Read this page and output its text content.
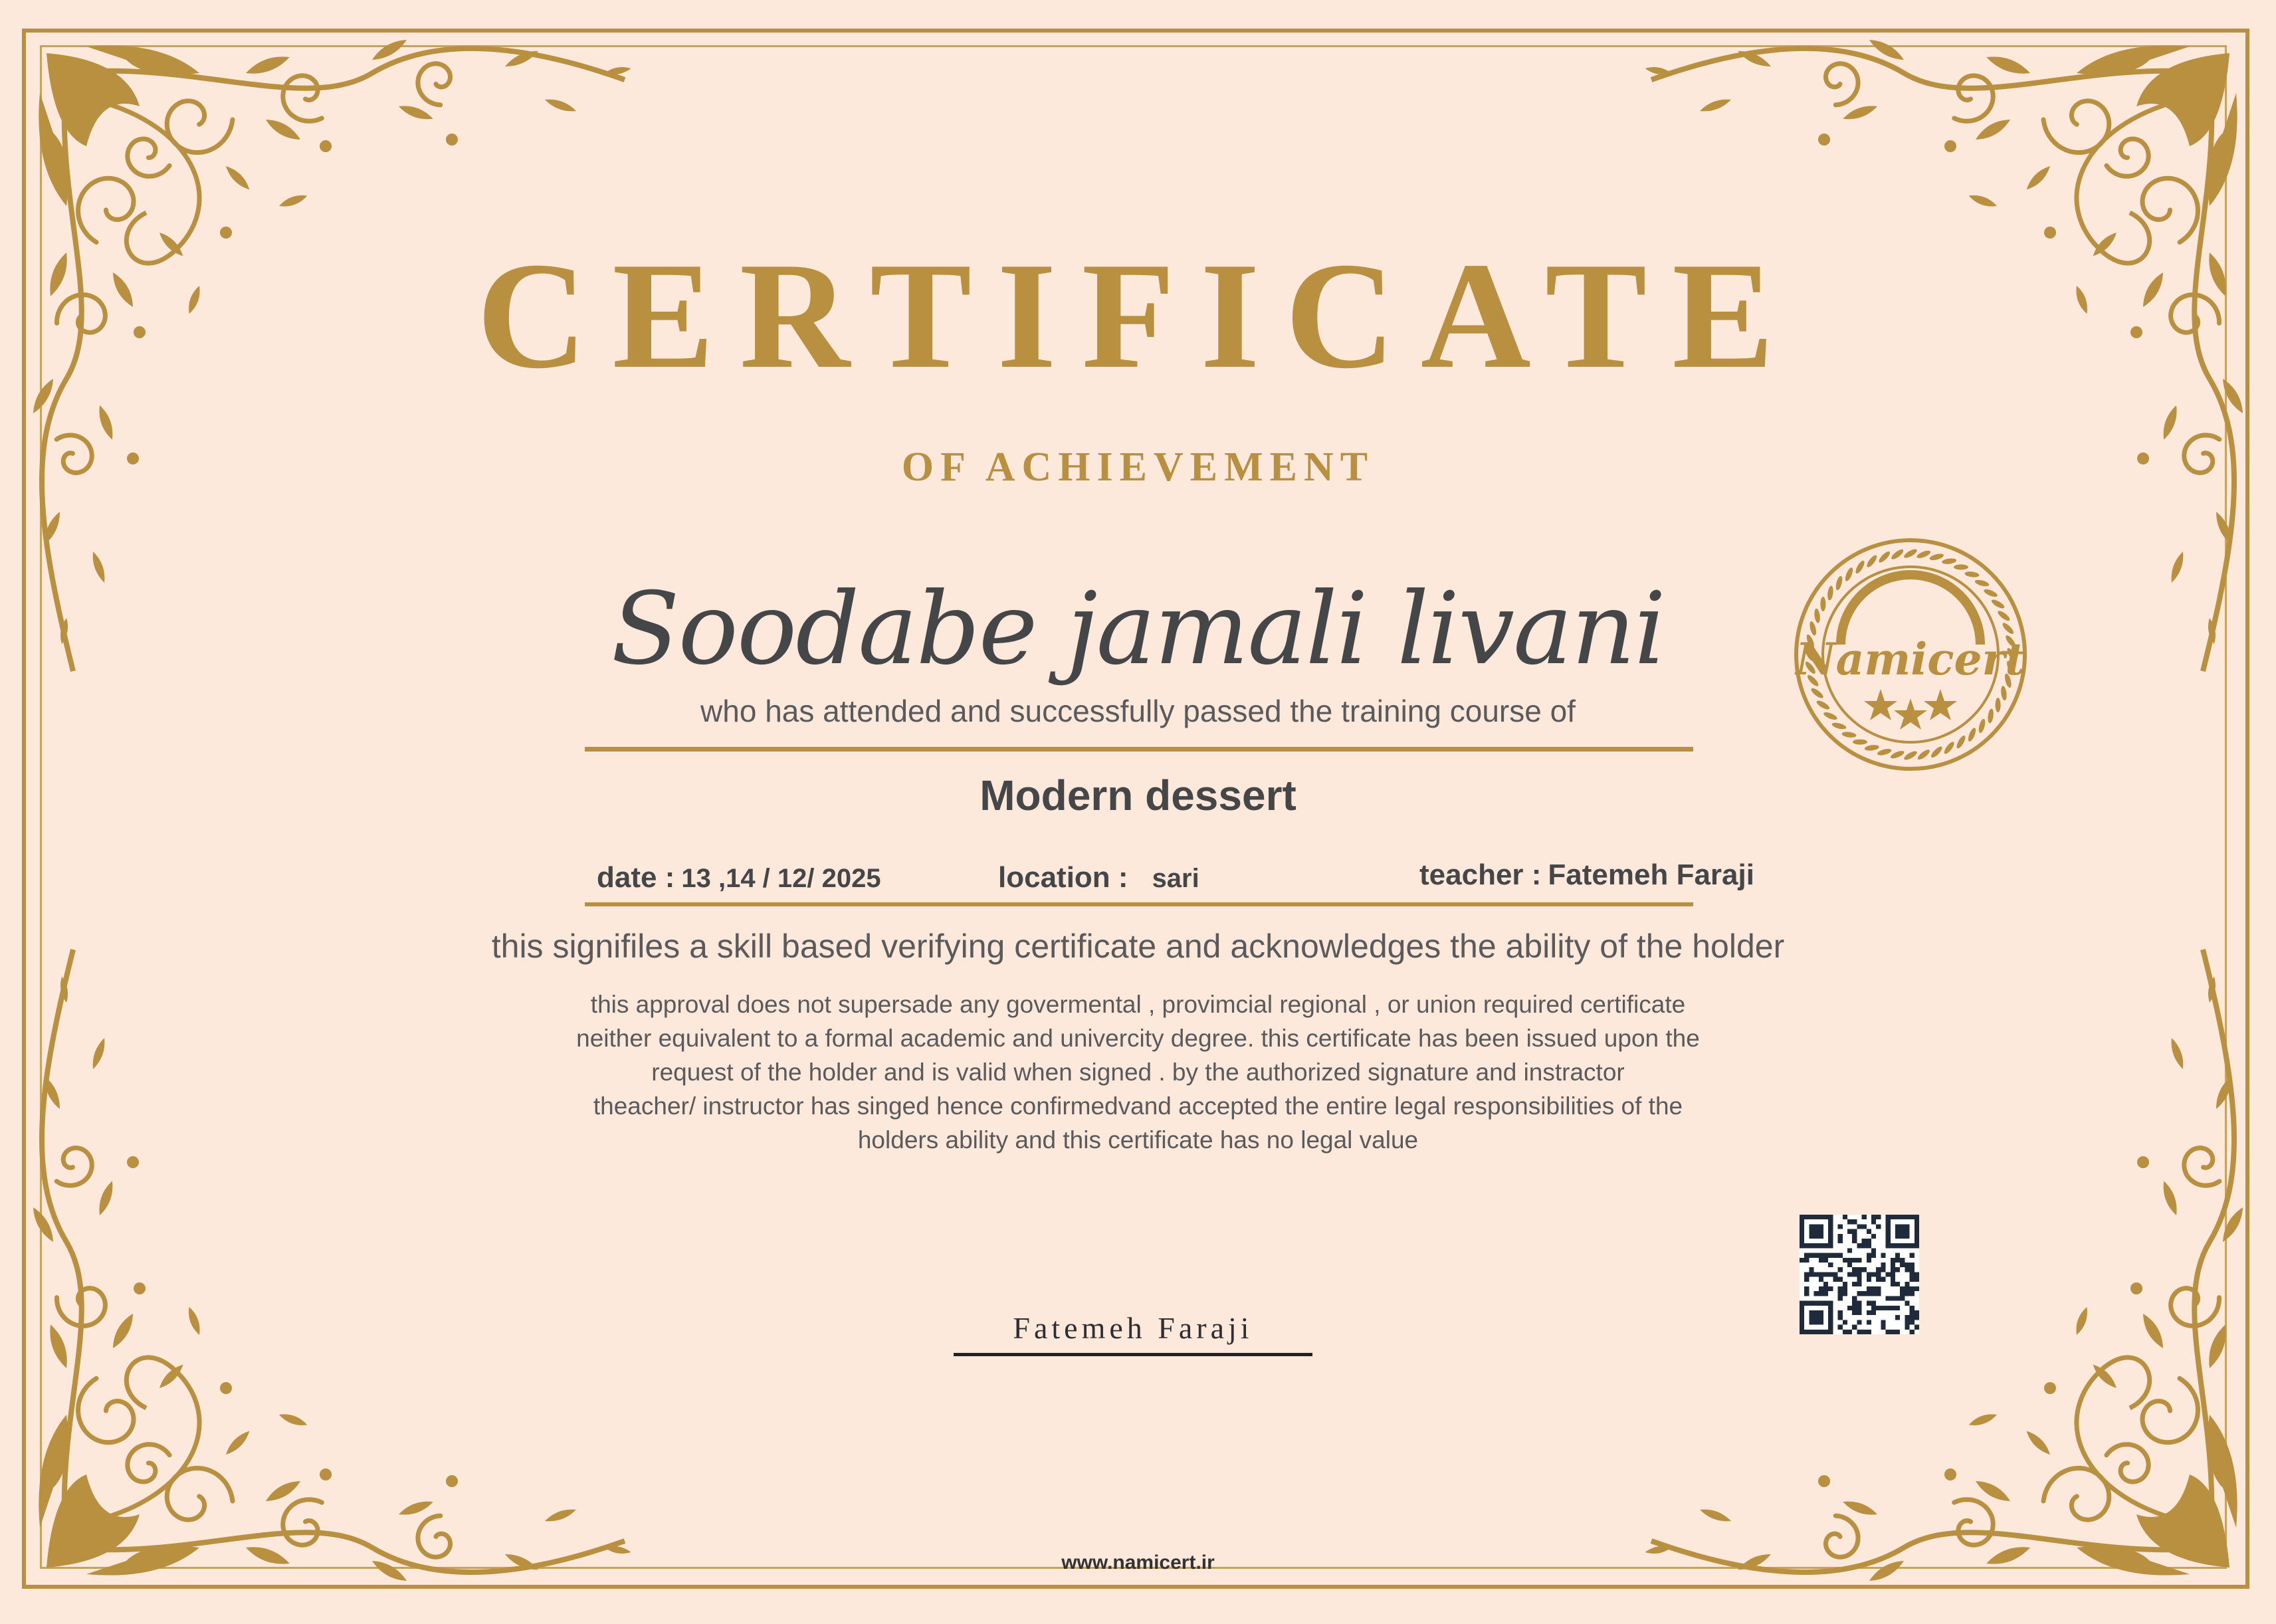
CERTIFICATE
OF ACHIEVEMENT
Soodabe jamali livani
who has attended and successfully passed the training course of
Modern dessert
date : 13 ,14 / 12/ 2025	location : sari	teacher : Fatemeh Faraji
this signifiles a skill based verifying certificate and acknowledges the ability of the holder
this approval does not supersade any govermental , provimcial regional , or union required certificate
neither equivalent to a formal academic and univercity degree. this certificate has been issued upon the
request of the holder and is valid when signed . by the authorized signature and instractor
theacher/ instructor has singed hence confirmedvand accepted the entire legal responsibilities of the
holders ability and this certificate has no legal value
Namicert
Fatemeh Faraji
www.namicert.ir
